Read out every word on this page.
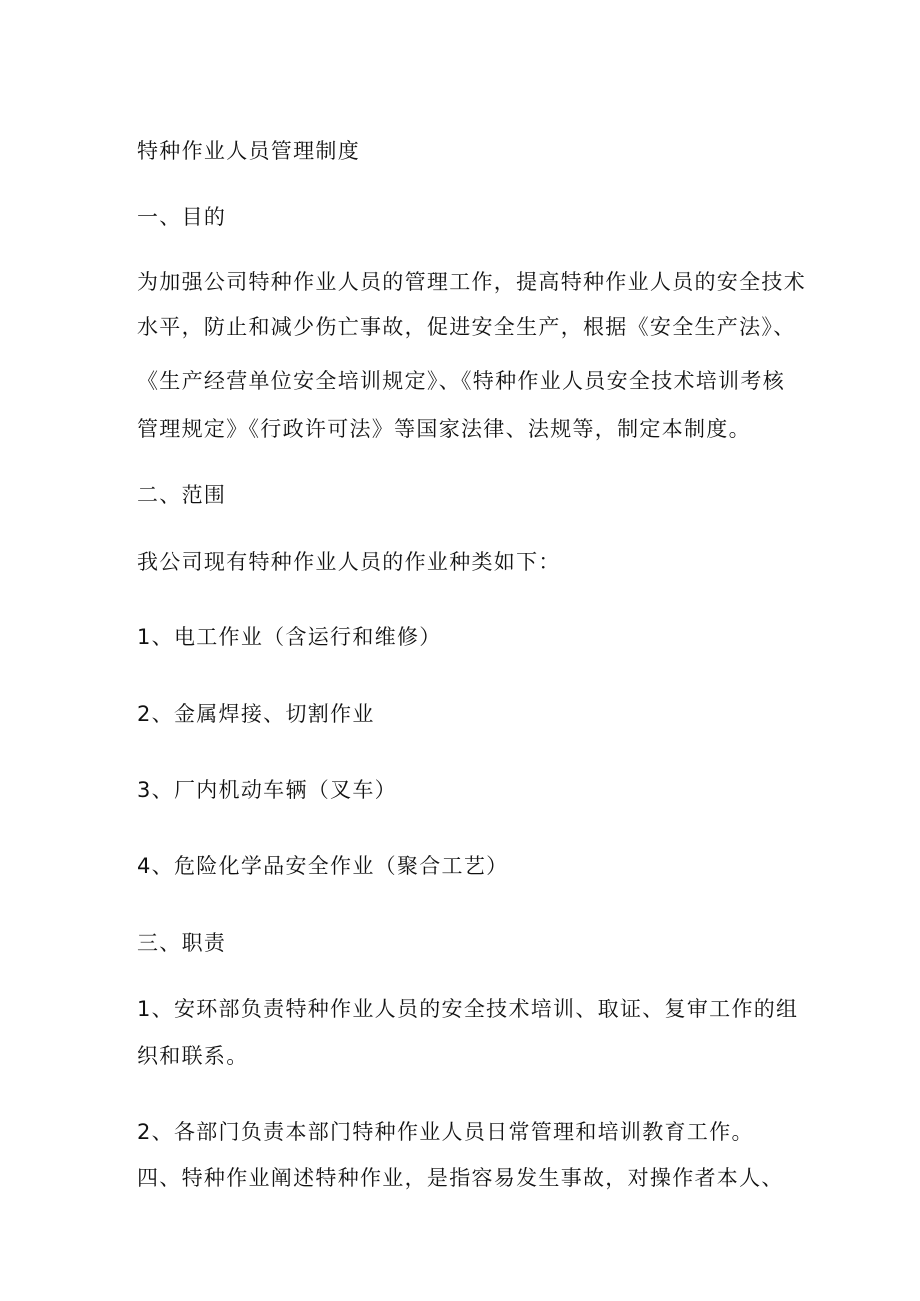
特种作业人员管理制度
一、目的
为加强公司特种作业人员的管理工作，提高特种作业人员的安全技术
水平，防止和减少伤亡事故，促进安全生产，根据《安全生产法》、
《生产经营单位安全培训规定》、《特种作业人员安全技术培训考核
管理规定》《行政许可法》等国家法律、法规等，制定本制度。
二、范围
我公司现有特种作业人员的作业种类如下：
1、电工作业（含运行和维修）
2、金属焊接、切割作业
3、厂内机动车辆（叉车）
4、危险化学品安全作业（聚合工艺）
三、职责
1、安环部负责特种作业人员的安全技术培训、取证、复审工作的组
织和联系。
2、各部门负责本部门特种作业人员日常管理和培训教育工作。
四、特种作业阐述特种作业，是指容易发生事故，对操作者本人、
